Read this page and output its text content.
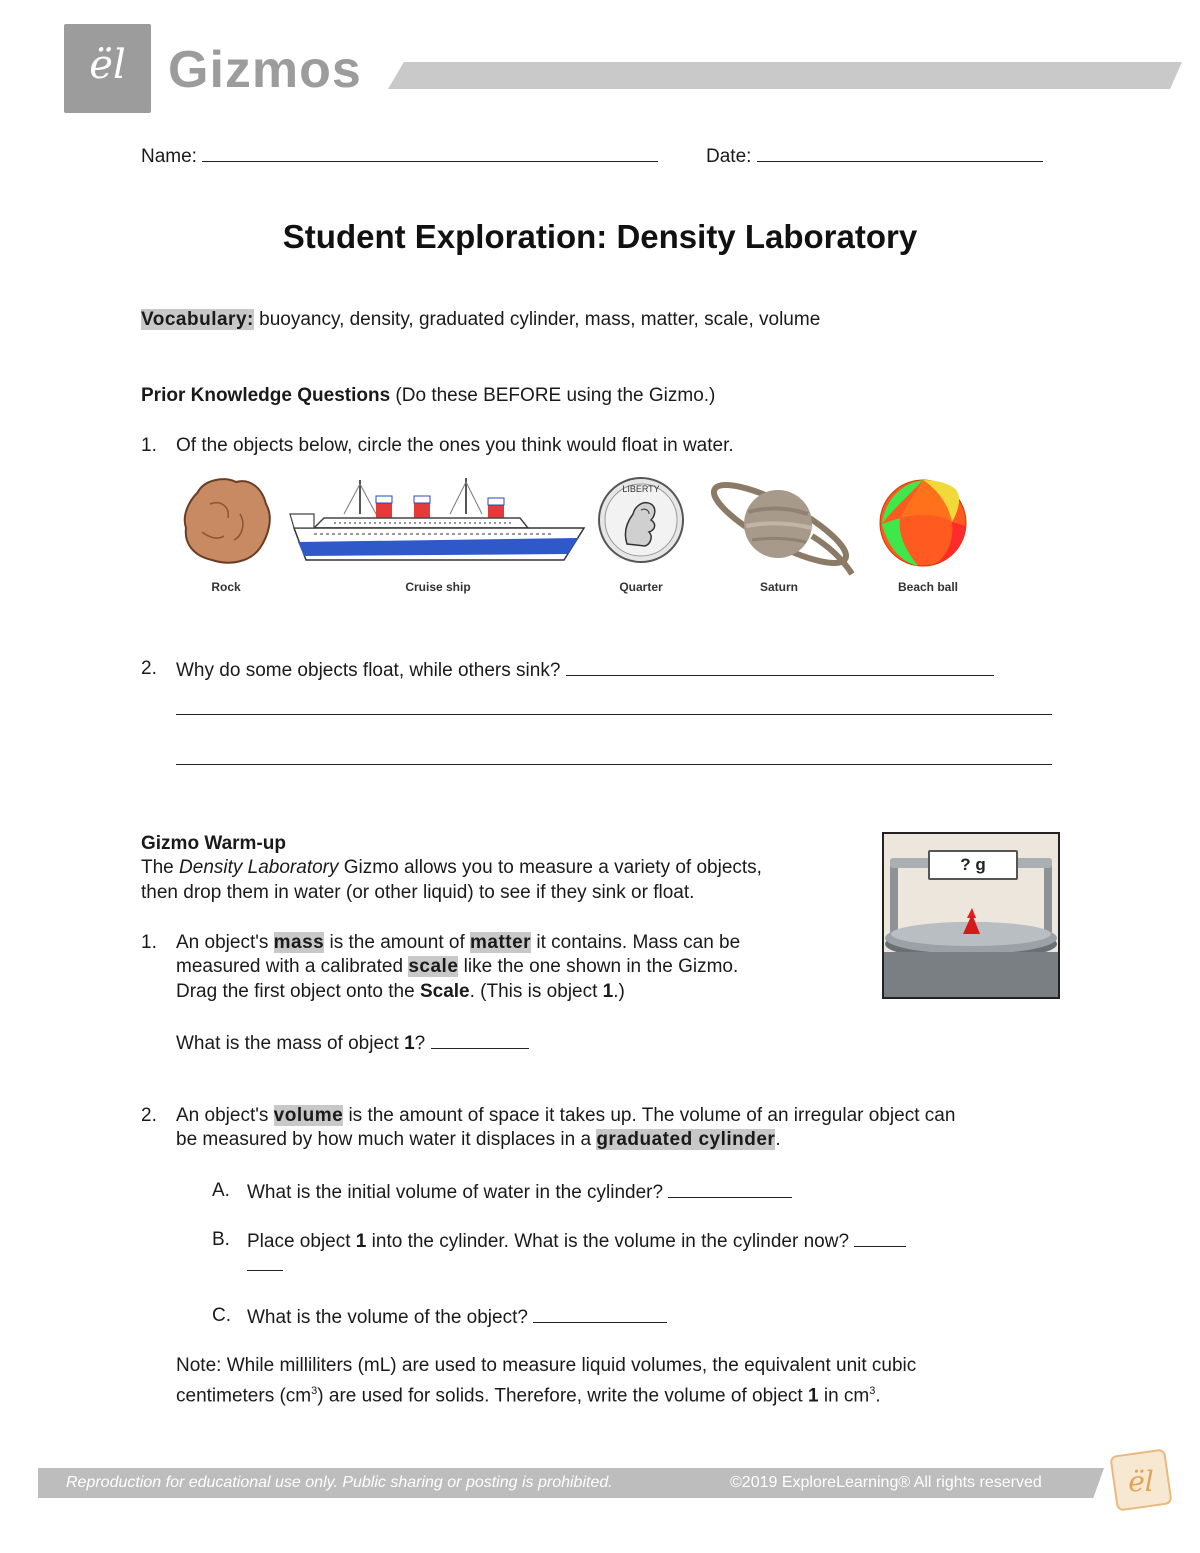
ël Gizmos
Name:	Date:
Student Exploration: Density Laboratory
Vocabulary: buoyancy, density, graduated cylinder, mass, matter, scale, volume
Prior Knowledge Questions (Do these BEFORE using the Gizmo.)
1. Of the objects below, circle the ones you think would float in water.
LIBERTY
Rock	Cruise ship	Quarter	Saturn	Beach ball
2. Why do some objects float, while others sink?
Gizmo Warm-up
The Density Laboratory Gizmo allows you to measure a variety of objects,
then drop them in water (or other liquid) to see if they sink or float.
? g
1. An object's mass is the amount of matter it contains. Mass can be
measured with a calibrated scale like the one shown in the Gizmo.
Drag the first object onto the Scale. (This is object 1.)
What is the mass of object 1?
2. An object's volume is the amount of space it takes up. The volume of an irregular object can
be measured by how much water it displaces in a graduated cylinder.
A. What is the initial volume of water in the cylinder?
B. Place object 1 into the cylinder. What is the volume in the cylinder now?
C. What is the volume of the object?
Note: While milliliters (mL) are used to measure liquid volumes, the equivalent unit cubic
centimeters $(cm^3)$ are used for solids. Therefore, write the volume of object 1 in $cm^3$.
Reproduction for educational use only. Public sharing or posting is prohibited.	©2019 ExploreLearning® All rights reserved	ël
